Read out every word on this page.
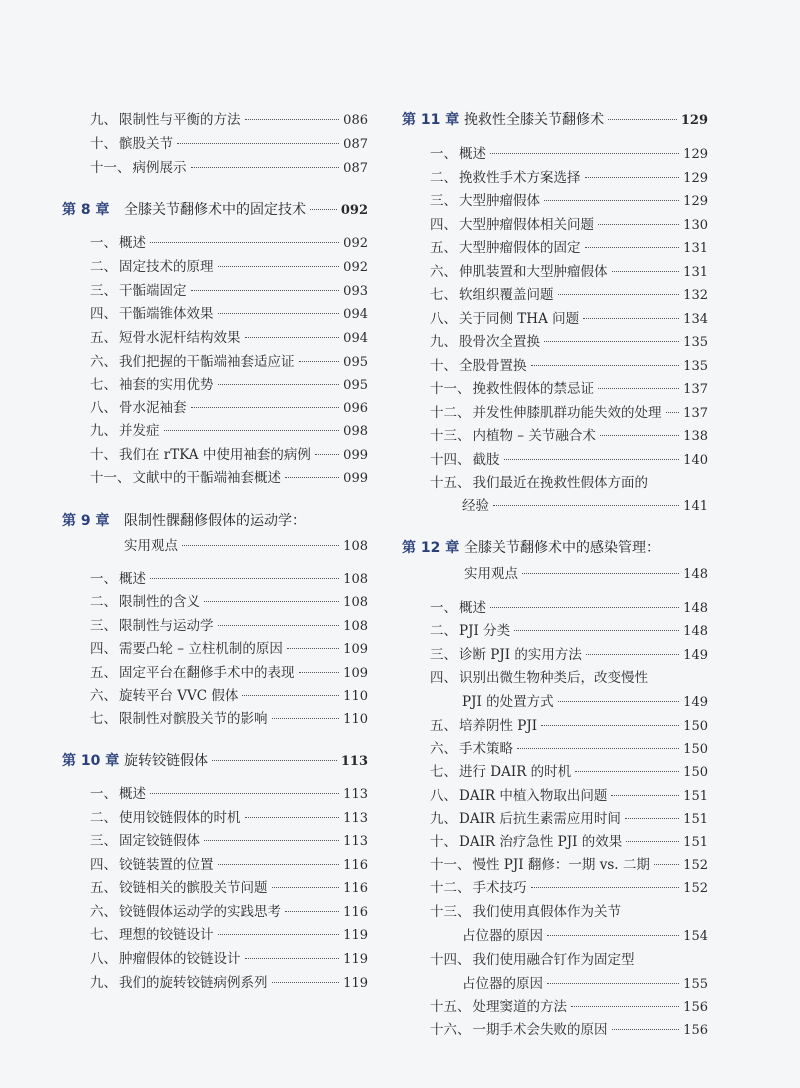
九、 限制性与平衡的方法	086
十、 髌股关节	087
十一、 病例展示	087
第 8 章	全膝关节翻修术中的固定技术	092
一、 概述	092
二、 固定技术的原理	092
三、 干骺端固定	093
四、 干骺端锥体效果	094
五、 短骨水泥杆结构效果	094
六、 我们把握的干骺端袖套适应证	095
七、 袖套的实用优势	095
八、 骨水泥袖套	096
九、 并发症	098
十、 我们在 rTKA 中使用袖套的病例 099
十一、 文献中的干骺端袖套概述	099
第 9 章	限制性髁翻修假体的运动学：
实用观点	108
一、 概述	108
二、 限制性的含义	108
三、 限制性与运动学	108
四、 需要凸轮 – 立柱机制的原因	109
五、 固定平台在翻修手术中的表现	109
六、 旋转平台 VVC 假体	110
七、 限制性对髌股关节的影响	110
第 10 章 旋转铰链假体	113
一、 概述	113
二、 使用铰链假体的时机	113
三、 固定铰链假体	113
四、 铰链装置的位置	116
五、 铰链相关的髌股关节问题	116
六、 铰链假体运动学的实践思考	116
七、 理想的铰链设计	119
八、 肿瘤假体的铰链设计	119
九、 我们的旋转铰链病例系列	119
第 11 章 挽救性全膝关节翻修术	129
一、 概述	129
二、 挽救性手术方案选择	129
三、 大型肿瘤假体	129
四、 大型肿瘤假体相关问题	130
五、 大型肿瘤假体的固定	131
六、 伸肌装置和大型肿瘤假体	131
七、 软组织覆盖问题	132
八、 关于同侧 THA 问题	134
九、 股骨次全置换	135
十、 全股骨置换	135
十一、 挽救性假体的禁忌证	137
十二、 并发性伸膝肌群功能失效的处理 137
十三、 内植物 – 关节融合术	138
十四、 截肢	140
十五、 我们最近在挽救性假体方面的
经验	141
第 12 章 全膝关节翻修术中的感染管理：
实用观点	148
一、 概述	148
二、 PJI 分类	148
三、 诊断 PJI 的实用方法	149
四、 识别出微生物种类后，改变慢性
PJI 的处置方式	149
五、 培养阴性 PJI	150
六、 手术策略	150
七、 进行 DAIR 的时机	150
八、 DAIR 中植入物取出问题	151
九、 DAIR 后抗生素需应用时间	151
十、 DAIR 治疗急性 PJI 的效果	151
十一、 慢性 PJI 翻修：一期 vs. 二期	152
十二、 手术技巧	152
十三、 我们使用真假体作为关节
占位器的原因	154
十四、 我们使用融合钉作为固定型
占位器的原因	155
十五、 处理窦道的方法	156
十六、 一期手术会失败的原因	156
